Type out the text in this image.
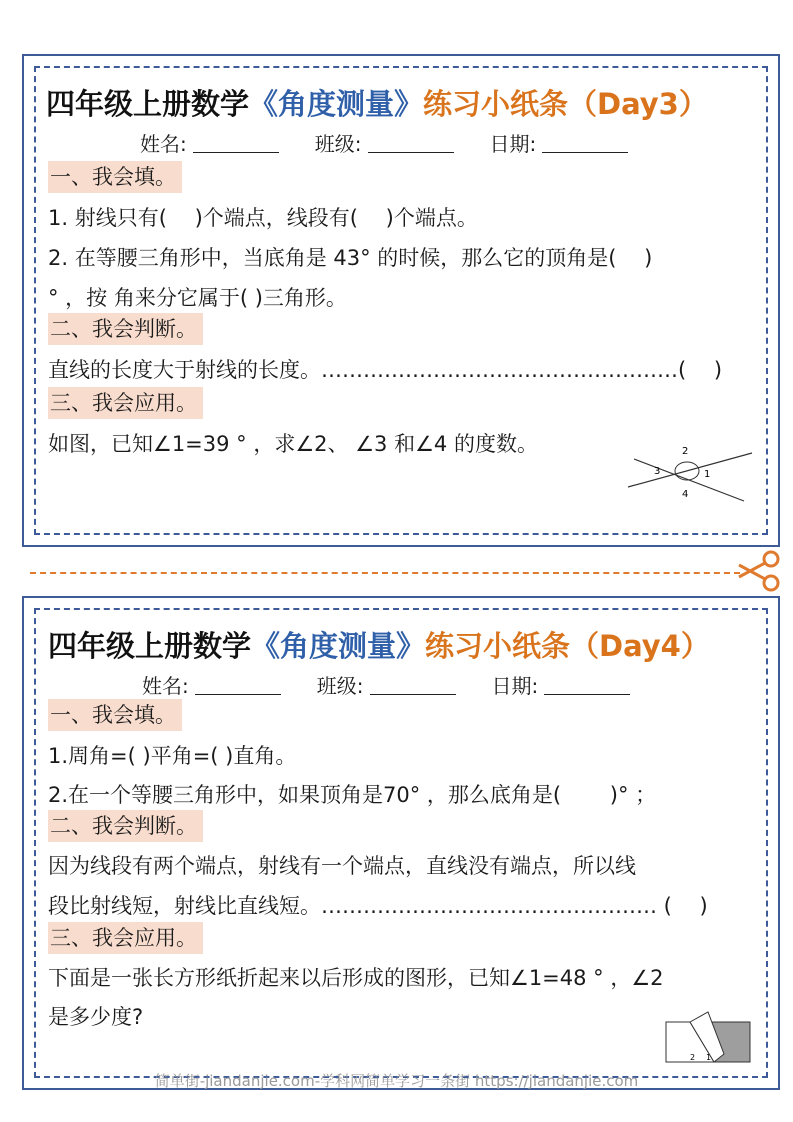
四年级上册数学《角度测量》练习小纸条（Day3）
姓名:	班级:	日期:
一、我会填。
1. 射线只有(　 )个端点，线段有(　 )个端点。
2. 在等腰三角形中，当底角是 43° 的时候，那么它的顶角是(　 )
° ，按 角来分它属于( )三角形。
二、我会判断。
直线的长度大于射线的长度。……………………………………………(　 )
三、我会应用。
如图，已知∠1=39 ° ，求∠2、 ∠3 和∠4 的度数。	2
3	1
4
四年级上册数学《角度测量》练习小纸条（Day4）
姓名:	班级:	日期:
一、我会填。
1.周角=( )平角=( )直角。
2.在一个等腰三角形中，如果顶角是70° ，那么底角是(　　 )° ；
二、我会判断。
因为线段有两个端点，射线有一个端点，直线没有端点，所以线
段比射线短，射线比直线短。………………………………………… (　 )
三、我会应用。
下面是一张长方形纸折起来以后形成的图形，已知∠1=48 ° ，∠2
是多少度?
2 1
简单街-jiandanjie.com-学科网简单学习一条街 https://jiandanjie.com
